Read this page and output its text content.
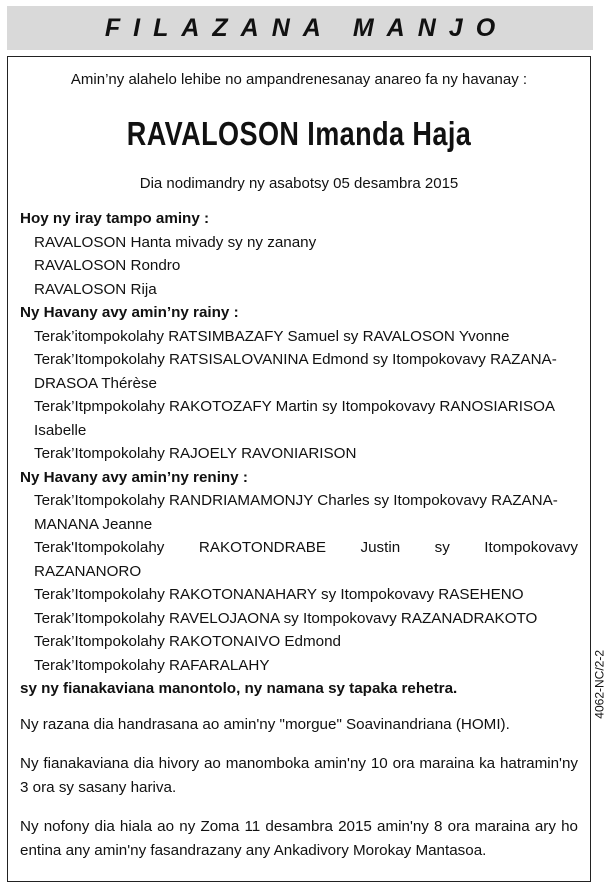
FILAZANA MANJO
Amin’ny alahelo lehibe no ampandrenesanay anareo fa ny havanay :
RAVALOSON Imanda Haja
Dia nodimandry ny asabotsy 05 desambra 2015
Hoy ny iray tampo aminy :
RAVALOSON Hanta mivady sy ny zanany
RAVALOSON Rondro
RAVALOSON Rija
Ny Havany avy amin’ny rainy :
Terak’itompokolahy RATSIMBAZAFY Samuel sy RAVALOSON Yvonne
Terak’Itompokolahy RATSISALOVANINA Edmond sy Itompokovavy RAZANA-
DRASOA Thérèse
Terak’Itpmpokolahy RAKOTOZAFY Martin sy Itompokovavy RANOSIARISOA
Isabelle
Terak’Itompokolahy RAJOELY RAVONIARISON
Ny Havany avy amin’ny reniny :
Terak’Itompokolahy RANDRIAMAMONJY Charles sy Itompokovavy RAZANA-
MANANA Jeanne
Terak'Itompokolahy RAKOTONDRABE Justin sy Itompokovavy
RAZANANORO
Terak’Itompokolahy RAKOTONANAHARY sy Itompokovavy RASEHENO
Terak’Itompokolahy RAVELOJAONA sy Itompokovavy RAZANADRAKOTO
Terak’Itompokolahy RAKOTONAIVO Edmond
Terak’Itompokolahy RAFARALAHY
sy ny fianakaviana manontolo, ny namana sy tapaka rehetra.
Ny razana dia handrasana ao amin'ny "morgue" Soavinandriana (HOMI).
Ny fianakaviana dia hivory ao manomboka amin'ny 10 ora maraina ka hatramin'ny 3 ora sy sasany hariva.
Ny nofony dia hiala ao ny Zoma 11 desambra 2015 amin'ny 8 ora maraina ary ho entina any amin'ny fasandrazany any Ankadivory Morokay Mantasoa.
4062-NC/2-2
